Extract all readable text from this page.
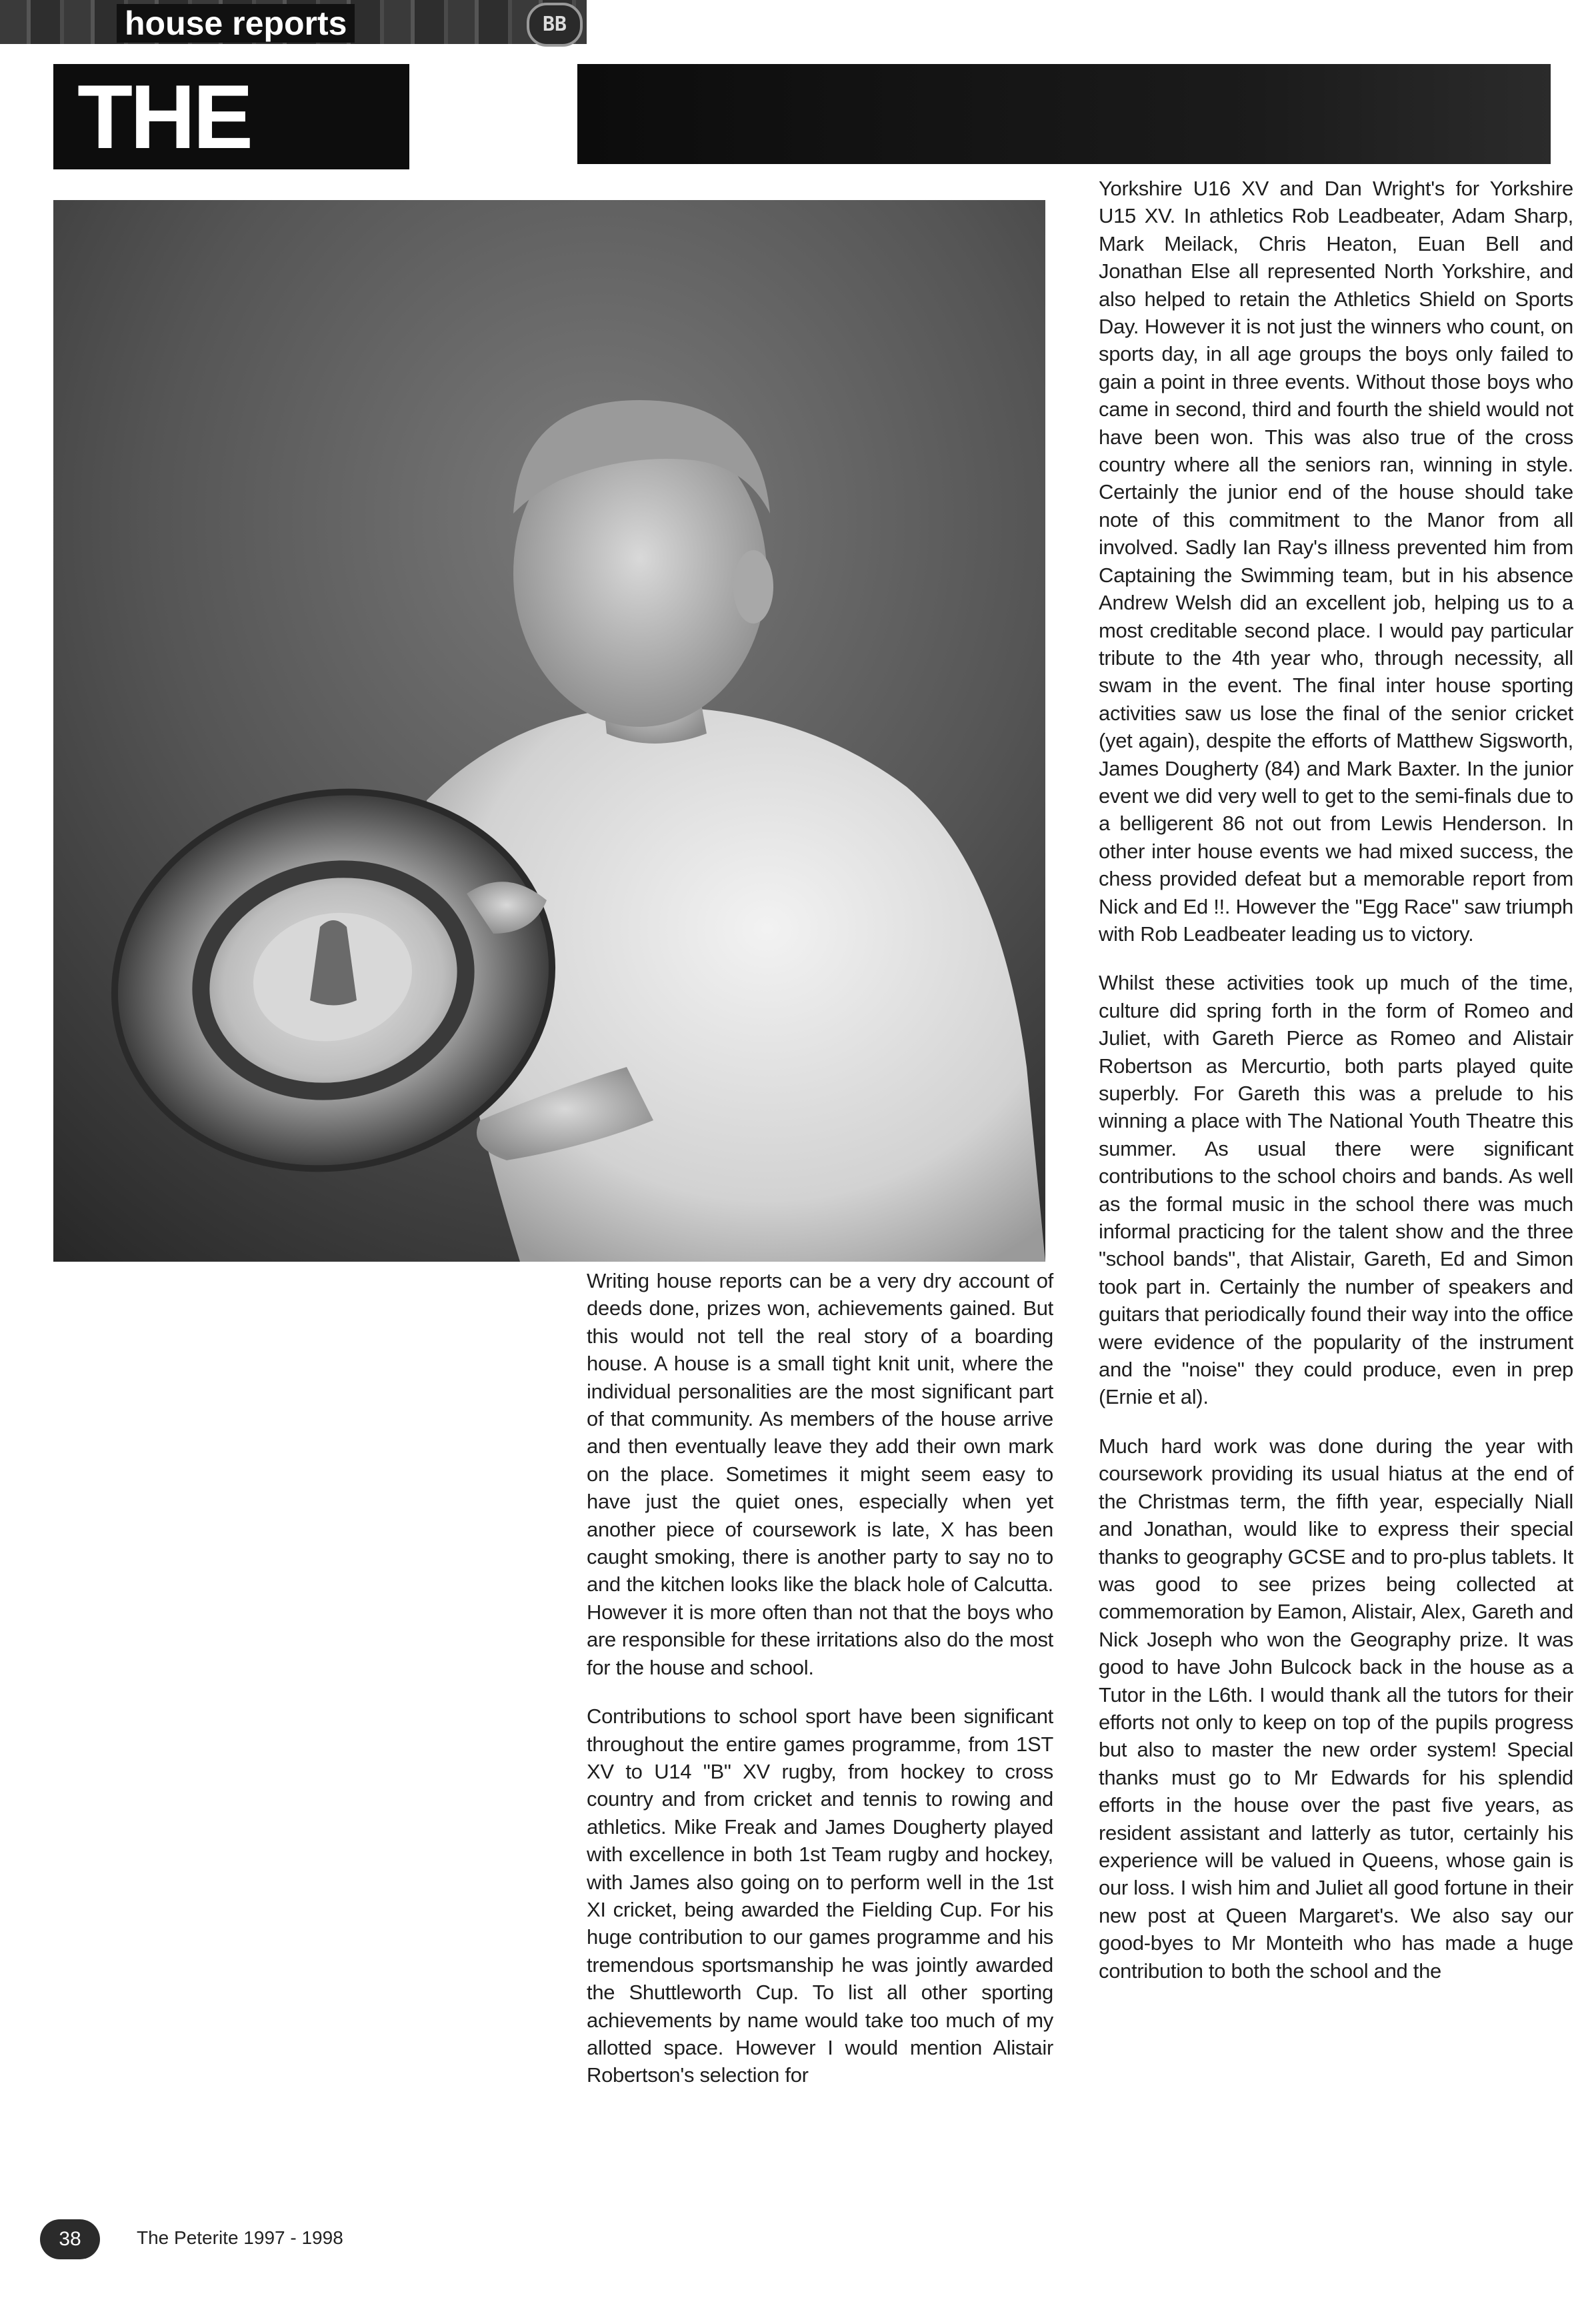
house reports	BB
THE

Writing house reports can be a very dry account of deeds done, prizes won, achievements gained. But this would not tell the real story of a boarding house. A house is a small tight knit unit, where the individual personalities are the most significant part of that community. As members of the house arrive and then eventually leave they add their own mark on the place. Sometimes it might seem easy to have just the quiet ones, especially when yet another piece of coursework is late, X has been caught smoking, there is another party to say no to and the kitchen looks like the black hole of Calcutta. However it is more often than not that the boys who are responsible for these irritations also do the most for the house and school.

Contributions to school sport have been significant throughout the entire games programme, from 1ST XV to U14 "B" XV rugby, from hockey to cross country and from cricket and tennis to rowing and athletics. Mike Freak and James Dougherty played with excellence in both 1st Team rugby and hockey, with James also going on to perform well in the 1st XI cricket, being awarded the Fielding Cup. For his huge contribution to our games programme and his tremendous sportsmanship he was jointly awarded the Shuttleworth Cup. To list all other sporting achievements by name would take too much of my allotted space. However I would mention Alistair Robertson's selection for

Yorkshire U16 XV and Dan Wright's for Yorkshire U15 XV. In athletics Rob Leadbeater, Adam Sharp, Mark Meilack, Chris Heaton, Euan Bell and Jonathan Else all represented North Yorkshire, and also helped to retain the Athletics Shield on Sports Day. However it is not just the winners who count, on sports day, in all age groups the boys only failed to gain a point in three events. Without those boys who came in second, third and fourth the shield would not have been won. This was also true of the cross country where all the seniors ran, winning in style. Certainly the junior end of the house should take note of this commitment to the Manor from all involved. Sadly Ian Ray's illness prevented him from Captaining the Swimming team, but in his absence Andrew Welsh did an excellent job, helping us to a most creditable second place. I would pay particular tribute to the 4th year who, through necessity, all swam in the event. The final inter house sporting activities saw us lose the final of the senior cricket (yet again), despite the efforts of Matthew Sigsworth, James Dougherty (84) and Mark Baxter. In the junior event we did very well to get to the semi-finals due to a belligerent 86 not out from Lewis Henderson. In other inter house events we had mixed success, the chess provided defeat but a memorable report from Nick and Ed !!. However the "Egg Race" saw triumph with Rob Leadbeater leading us to victory.

Whilst these activities took up much of the time, culture did spring forth in the form of Romeo and Juliet, with Gareth Pierce as Romeo and Alistair Robertson as Mercurtio, both parts played quite superbly. For Gareth this was a prelude to his winning a place with The National Youth Theatre this summer. As usual there were significant contributions to the school choirs and bands. As well as the formal music in the school there was much informal practicing for the talent show and the three "school bands", that Alistair, Gareth, Ed and Simon took part in. Certainly the number of speakers and guitars that periodically found their way into the office were evidence of the popularity of the instrument and the "noise" they could produce, even in prep (Ernie et al).

Much hard work was done during the year with coursework providing its usual hiatus at the end of the Christmas term, the fifth year, especially Niall and Jonathan, would like to express their special thanks to geography GCSE and to pro-plus tablets. It was good to see prizes being collected at commemoration by Eamon, Alistair, Alex, Gareth and Nick Joseph who won the Geography prize. It was good to have John Bulcock back in the house as a Tutor in the L6th. I would thank all the tutors for their efforts not only to keep on top of the pupils progress but also to master the new order system! Special thanks must go to Mr Edwards for his splendid efforts in the house over the past five years, as resident assistant and latterly as tutor, certainly his experience will be valued in Queens, whose gain is our loss. I wish him and Juliet all good fortune in their new post at Queen Margaret's. We also say our good-byes to Mr Monteith who has made a huge contribution to both the school and the

38	The Peterite 1997 - 1998
